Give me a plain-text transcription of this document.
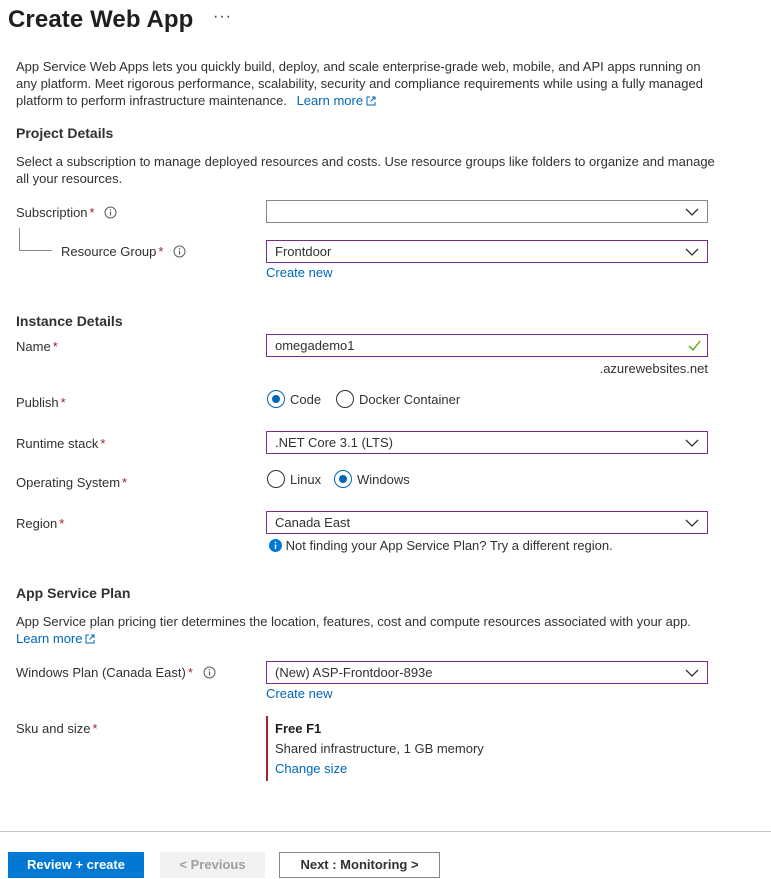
Create Web App ···
App Service Web Apps lets you quickly build, deploy, and scale enterprise-grade web, mobile, and API apps running on
any platform. Meet rigorous performance, scalability, security and compliance requirements while using a fully managed
platform to perform infrastructure maintenance. Learn more
Project Details
Select a subscription to manage deployed resources and costs. Use resource groups like folders to organize and manage
all your resources.
Subscription *
Resource Group *	Frontdoor
Create new
Instance Details
Name *	omegademo1
.azurewebsites.net
Publish *	Code	Docker Container
Runtime stack *	.NET Core 3.1 (LTS)
Operating System *	Linux	Windows
Region *	Canada East
Not finding your App Service Plan? Try a different region.
App Service Plan
App Service plan pricing tier determines the location, features, cost and compute resources associated with your app.
Learn more
Windows Plan (Canada East) *	(New) ASP-Frontdoor-893e
Create new
Sku and size *	Free F1
Shared infrastructure, 1 GB memory
Change size
Review + create	< Previous	Next : Monitoring >
